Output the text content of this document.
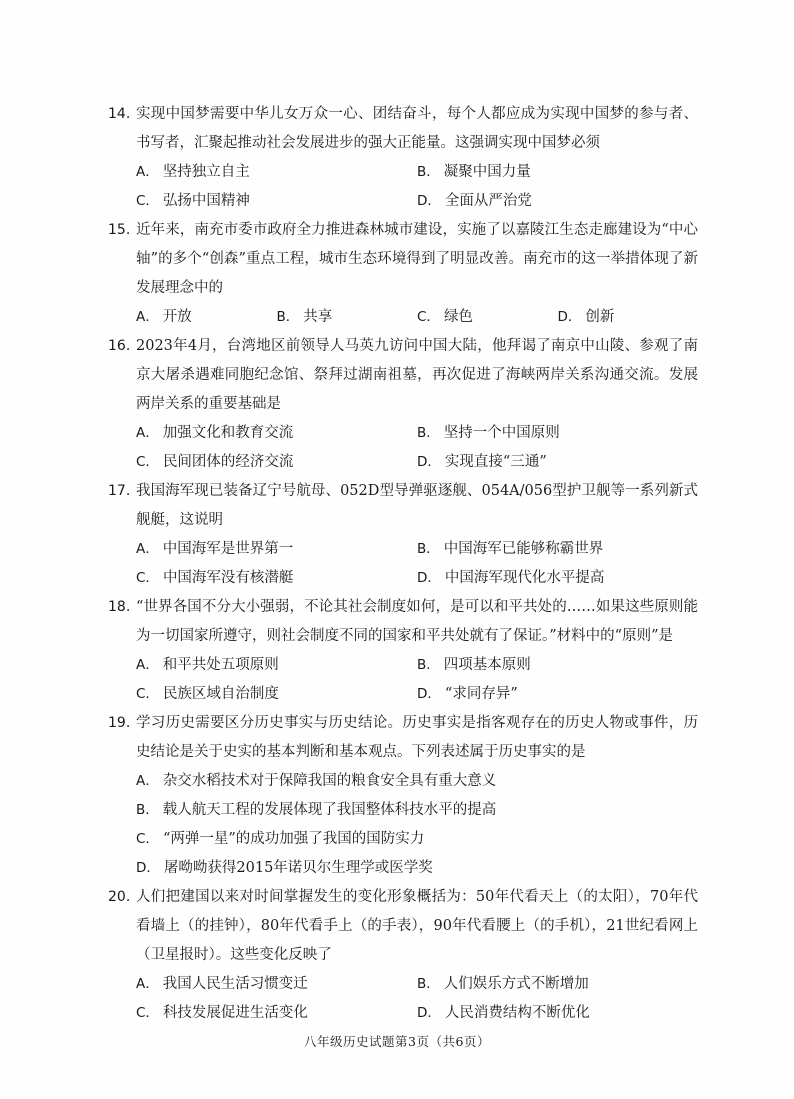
14. 实现中国梦需要中华儿女万众一心、团结奋斗，每个人都应成为实现中国梦的参与者、书写者，汇聚起推动社会发展进步的强大正能量。这强调实现中国梦必须
A． 坚持独立自主	B． 凝聚中国力量
C． 弘扬中国精神	D． 全面从严治党
15. 近年来，南充市委市政府全力推进森林城市建设，实施了以嘉陵江生态走廊建设为“中心轴”的多个“创森”重点工程，城市生态环境得到了明显改善。南充市的这一举措体现了新发展理念中的
A． 开放	B． 共享	C． 绿色	D． 创新
16. 2023年4月，台湾地区前领导人马英九访问中国大陆，他拜谒了南京中山陵、参观了南京大屠杀遇难同胞纪念馆、祭拜过湖南祖墓，再次促进了海峡两岸关系沟通交流。发展两岸关系的重要基础是
A． 加强文化和教育交流	B． 坚持一个中国原则
C． 民间团体的经济交流	D． 实现直接“三通”
17. 我国海军现已装备辽宁号航母、052D型导弹驱逐舰、054A/056型护卫舰等一系列新式舰艇，这说明
A． 中国海军是世界第一	B． 中国海军已能够称霸世界
C． 中国海军没有核潜艇	D． 中国海军现代化水平提高
18. “世界各国不分大小强弱，不论其社会制度如何，是可以和平共处的……如果这些原则能为一切国家所遵守，则社会制度不同的国家和平共处就有了保证。”材料中的“原则”是
A． 和平共处五项原则	B． 四项基本原则
C． 民族区域自治制度	D． “求同存异”
19. 学习历史需要区分历史事实与历史结论。历史事实是指客观存在的历史人物或事件，历史结论是关于史实的基本判断和基本观点。下列表述属于历史事实的是
A． 杂交水稻技术对于保障我国的粮食安全具有重大意义
B． 载人航天工程的发展体现了我国整体科技水平的提高
C． “两弹一星”的成功加强了我国的国防实力
D． 屠呦呦获得2015年诺贝尔生理学或医学奖
20. 人们把建国以来对时间掌握发生的变化形象概括为：50年代看天上（的太阳），70年代看墙上（的挂钟），80年代看手上（的手表），90年代看腰上（的手机），21世纪看网上（卫星报时）。这些变化反映了
A． 我国人民生活习惯变迁	B． 人们娱乐方式不断增加
C． 科技发展促进生活变化	D． 人民消费结构不断优化
八年级历史试题第3页（共6页）
